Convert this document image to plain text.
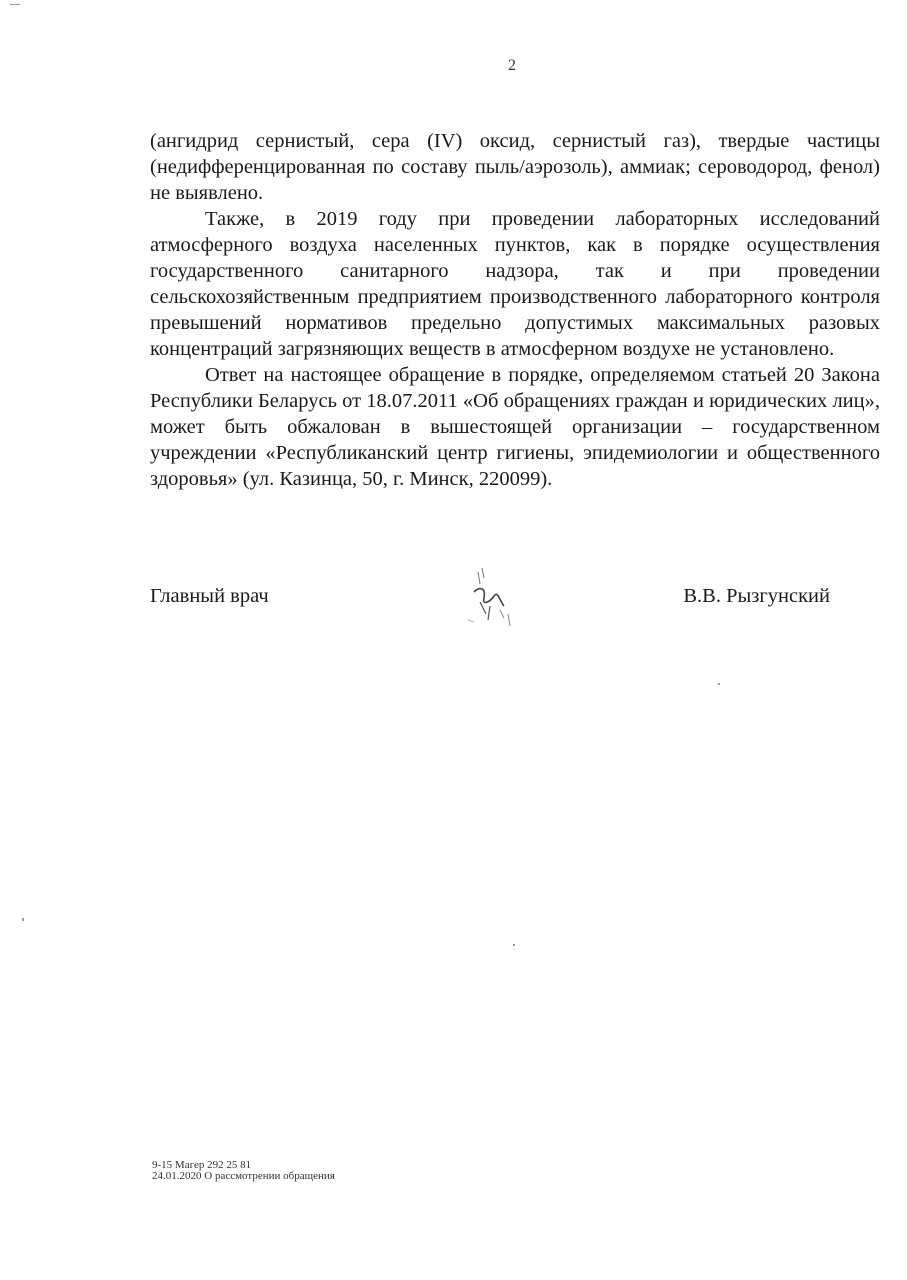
2

(ангидрид сернистый, сера (IV) оксид, сернистый газ), твердые частицы (недифференцированная по составу пыль/аэрозоль), аммиак; сероводород, фенол) не выявлено.

Также, в 2019 году при проведении лабораторных исследований атмосферного воздуха населенных пунктов, как в порядке осуществления государственного санитарного надзора, так и при проведении сельскохозяйственным предприятием производственного лабораторного контроля превышений нормативов предельно допустимых максимальных разовых концентраций загрязняющих веществ в атмосферном воздухе не установлено.

Ответ на настоящее обращение в порядке, определяемом статьей 20 Закона Республики Беларусь от 18.07.2011 «Об обращениях граждан и юридических лиц», может быть обжалован в вышестоящей организации – государственном учреждении «Республиканский центр гигиены, эпидемиологии и общественного здоровья» (ул. Казинца, 50, г. Минск, 220099).

Главный врач	В.В. Рызгунский
9-15 Магер 292 25 81
24.01.2020 О рассмотрении обращения
